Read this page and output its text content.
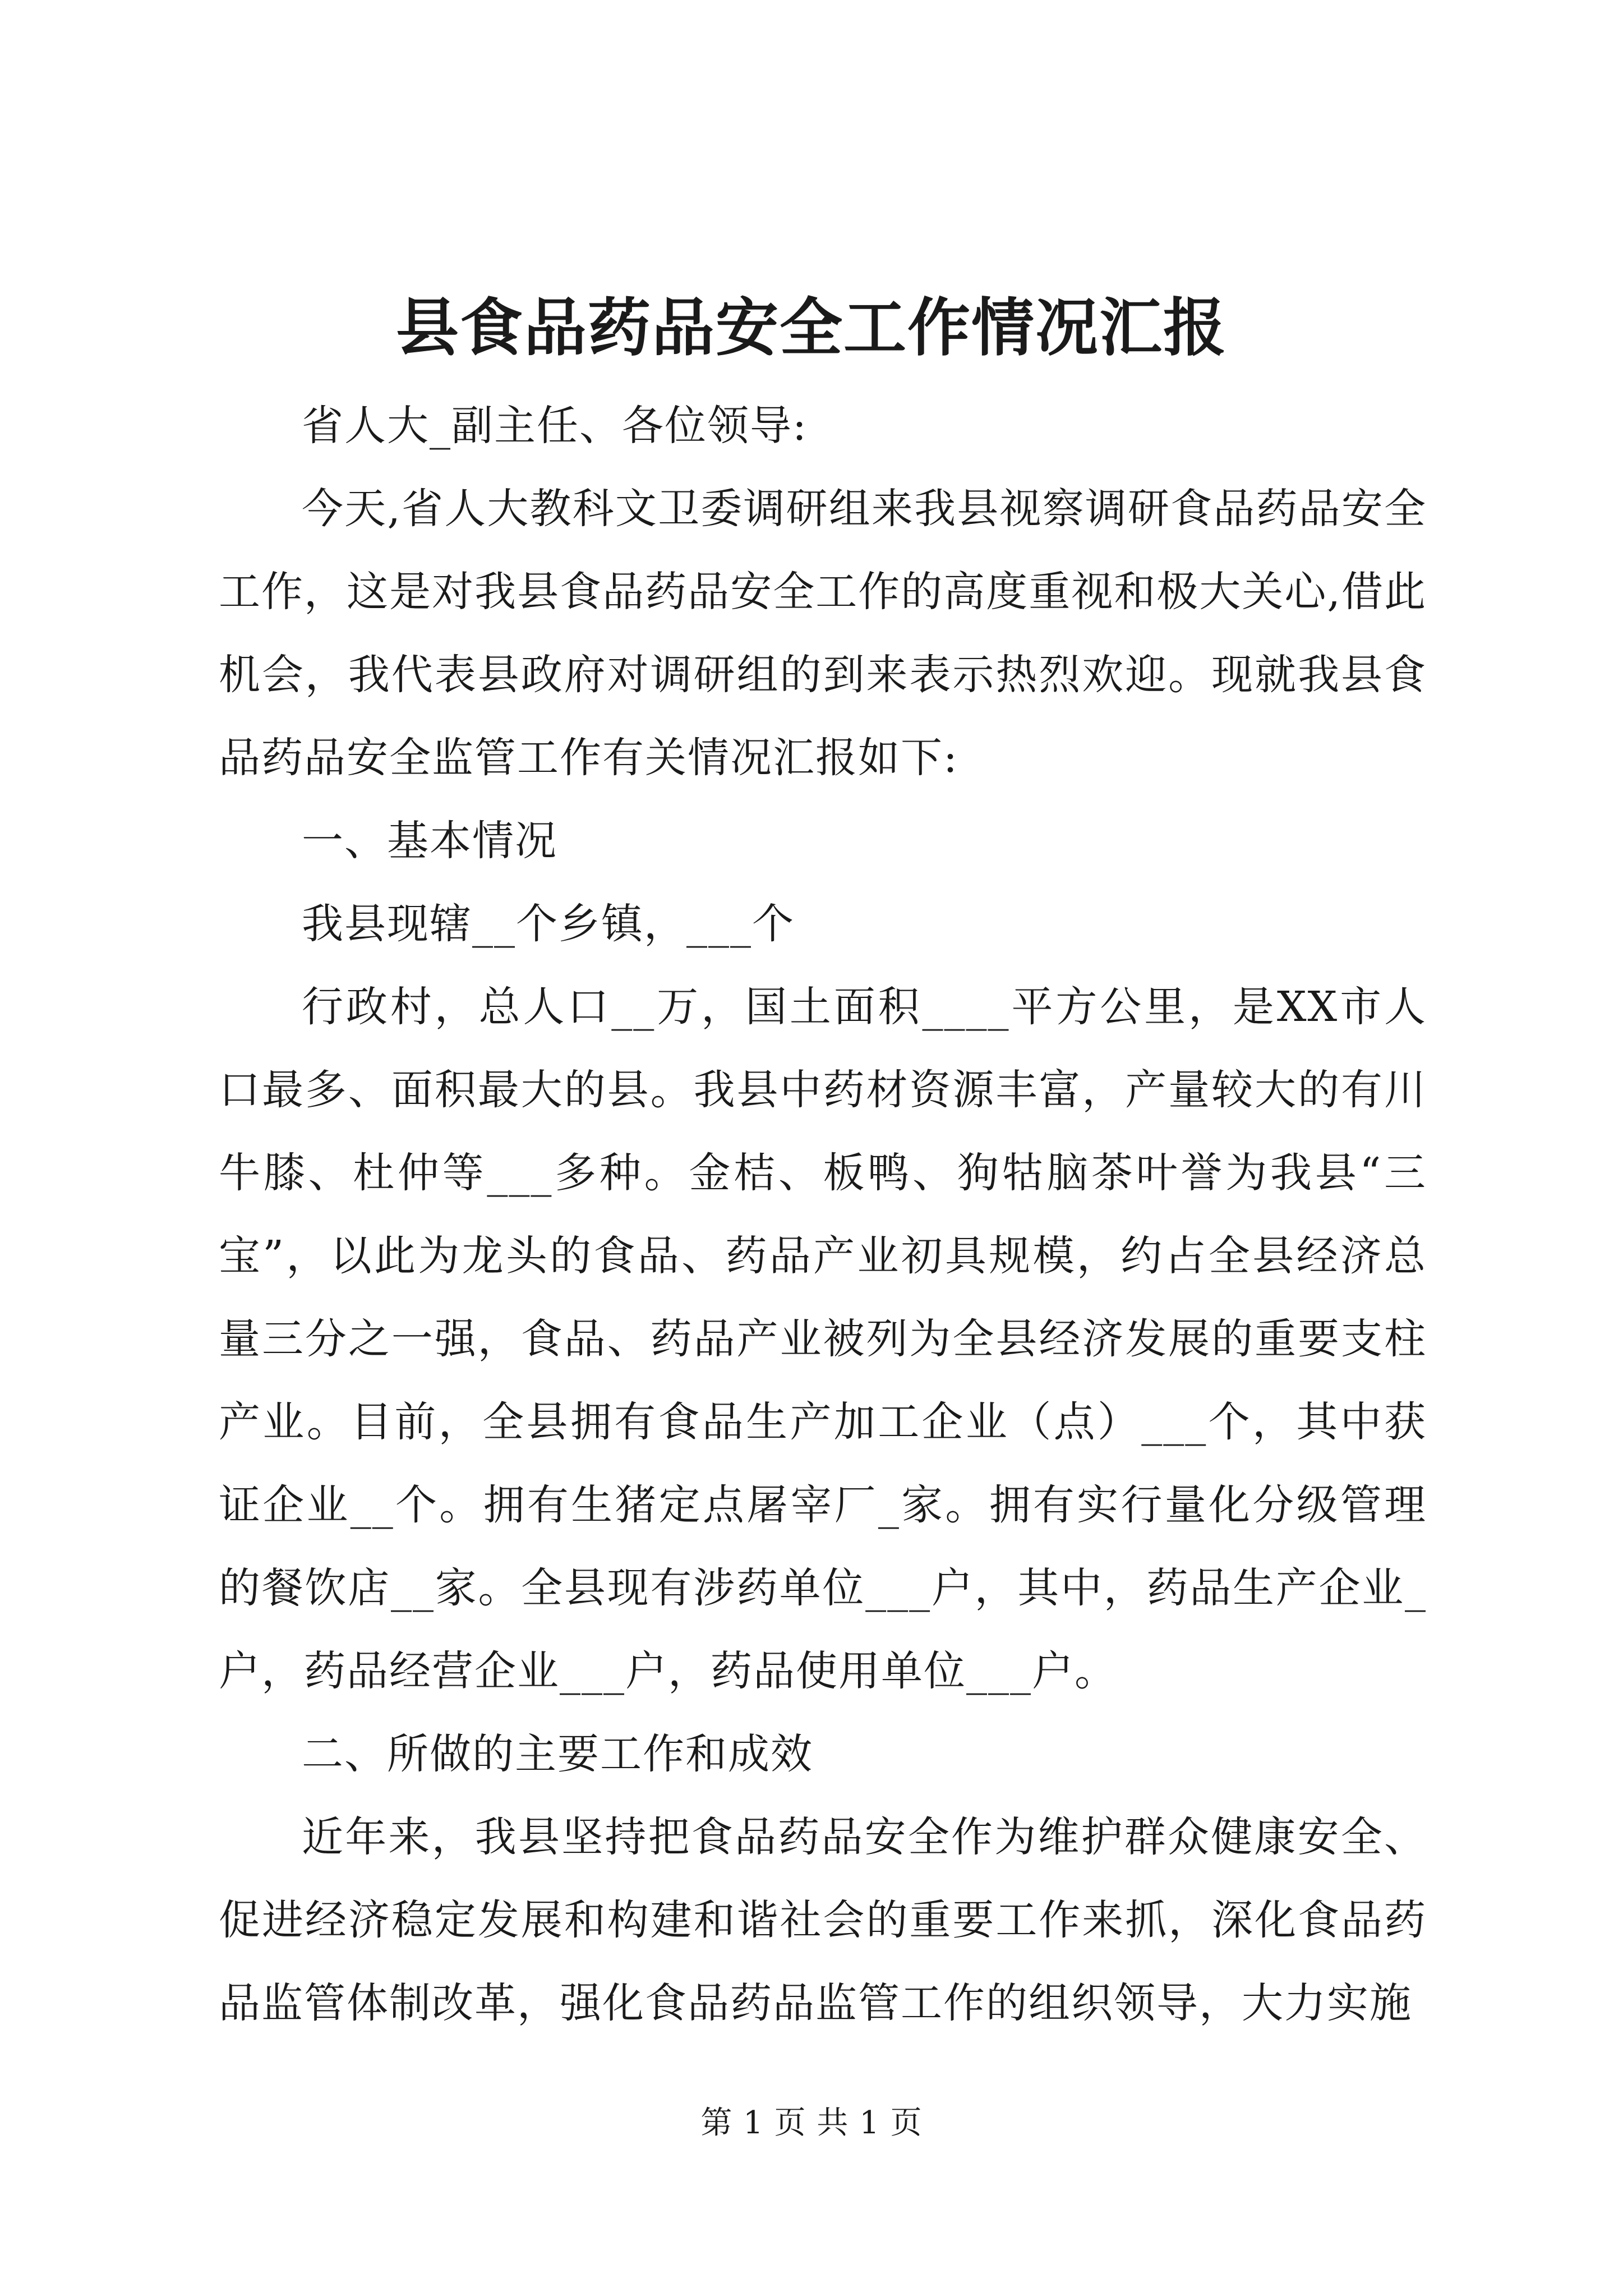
县食品药品安全工作情况汇报

省人大_副主任、各位领导:

今天,省人大教科文卫委调研组来我县视察调研食品药品安全工作，这是对我县食品药品安全工作的高度重视和极大关心,借此机会，我代表县政府对调研组的到来表示热烈欢迎。现就我县食品药品安全监管工作有关情况汇报如下:

一、基本情况

我县现辖__个乡镇，___个

行政村，总人口__万，国土面积____平方公里，是XX市人口最多、面积最大的县。我县中药材资源丰富，产量较大的有川牛膝、杜仲等___多种。金桔、板鸭、狗牯脑茶叶誉为我县“三宝”，以此为龙头的食品、药品产业初具规模，约占全县经济总量三分之一强，食品、药品产业被列为全县经济发展的重要支柱产业。目前，全县拥有食品生产加工企业（点）___个，其中获证企业__个。拥有生猪定点屠宰厂_家。拥有实行量化分级管理的餐饮店__家。全县现有涉药单位___户，其中，药品生产企业_户，药品经营企业___户，药品使用单位___户。

二、所做的主要工作和成效

近年来，我县坚持把食品药品安全作为维护群众健康安全、促进经济稳定发展和构建和谐社会的重要工作来抓，深化食品药品监管体制改革，强化食品药品监管工作的组织领导，大力实施

第 1 页 共 1 页
